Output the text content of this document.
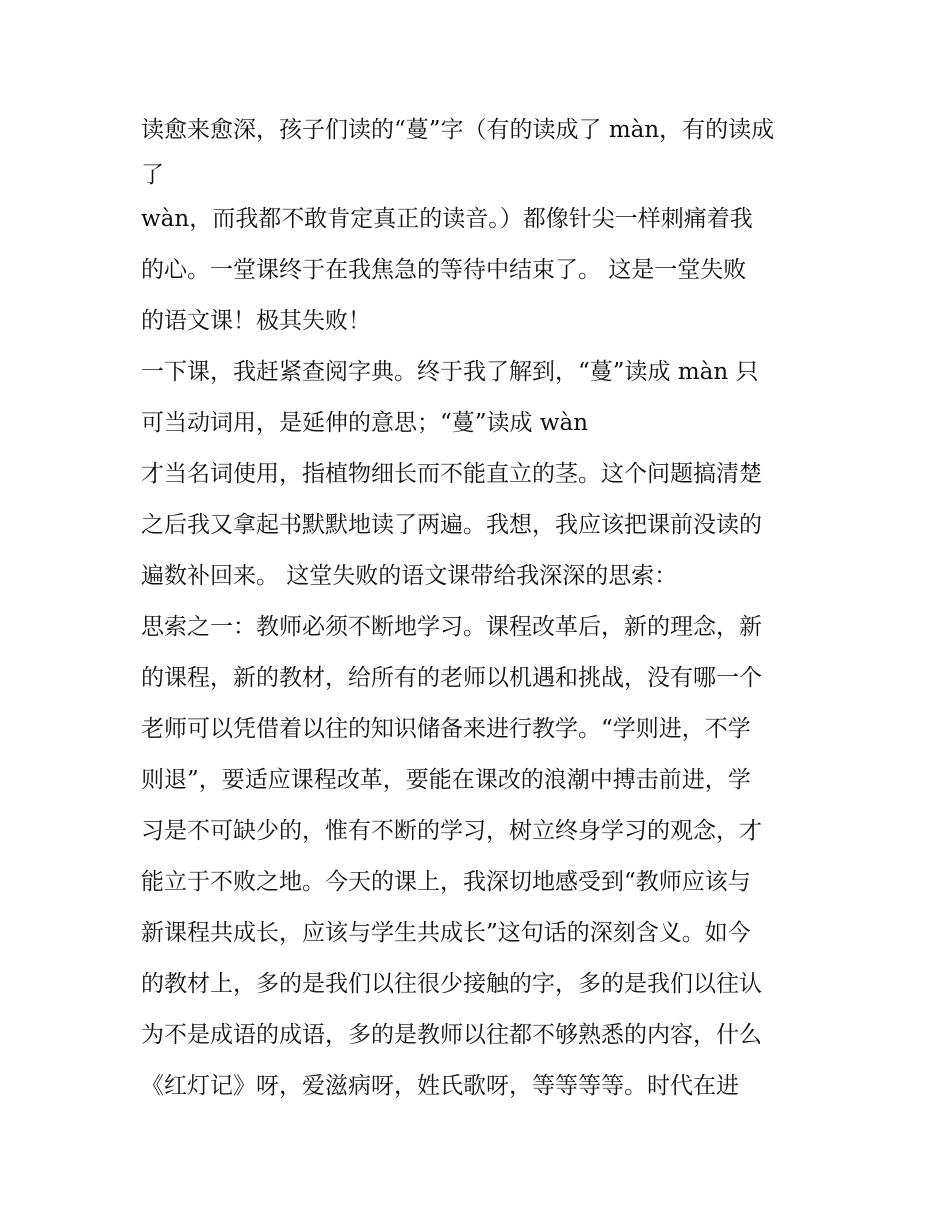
读愈来愈深，孩子们读的“蔓”字（有的读成了 màn，有的读成
了
wàn，而我都不敢肯定真正的读音。）都像针尖一样刺痛着我
的心。一堂课终于在我焦急的等待中结束了。 这是一堂失败
的语文课！极其失败！
一下课，我赶紧查阅字典。终于我了解到，“蔓”读成 màn 只
可当动词用，是延伸的意思；“蔓”读成 wàn
才当名词使用，指植物细长而不能直立的茎。这个问题搞清楚
之后我又拿起书默默地读了两遍。我想，我应该把课前没读的
遍数补回来。 这堂失败的语文课带给我深深的思索：
思索之一：教师必须不断地学习。课程改革后，新的理念，新
的课程，新的教材，给所有的老师以机遇和挑战，没有哪一个
老师可以凭借着以往的知识储备来进行教学。“学则进，不学
则退”，要适应课程改革，要能在课改的浪潮中搏击前进，学
习是不可缺少的，惟有不断的学习，树立终身学习的观念，才
能立于不败之地。今天的课上，我深切地感受到“教师应该与
新课程共成长，应该与学生共成长”这句话的深刻含义。如今
的教材上，多的是我们以往很少接触的字，多的是我们以往认
为不是成语的成语，多的是教师以往都不够熟悉的内容，什么
《红灯记》呀，爱滋病呀，姓氏歌呀，等等等等。时代在进
